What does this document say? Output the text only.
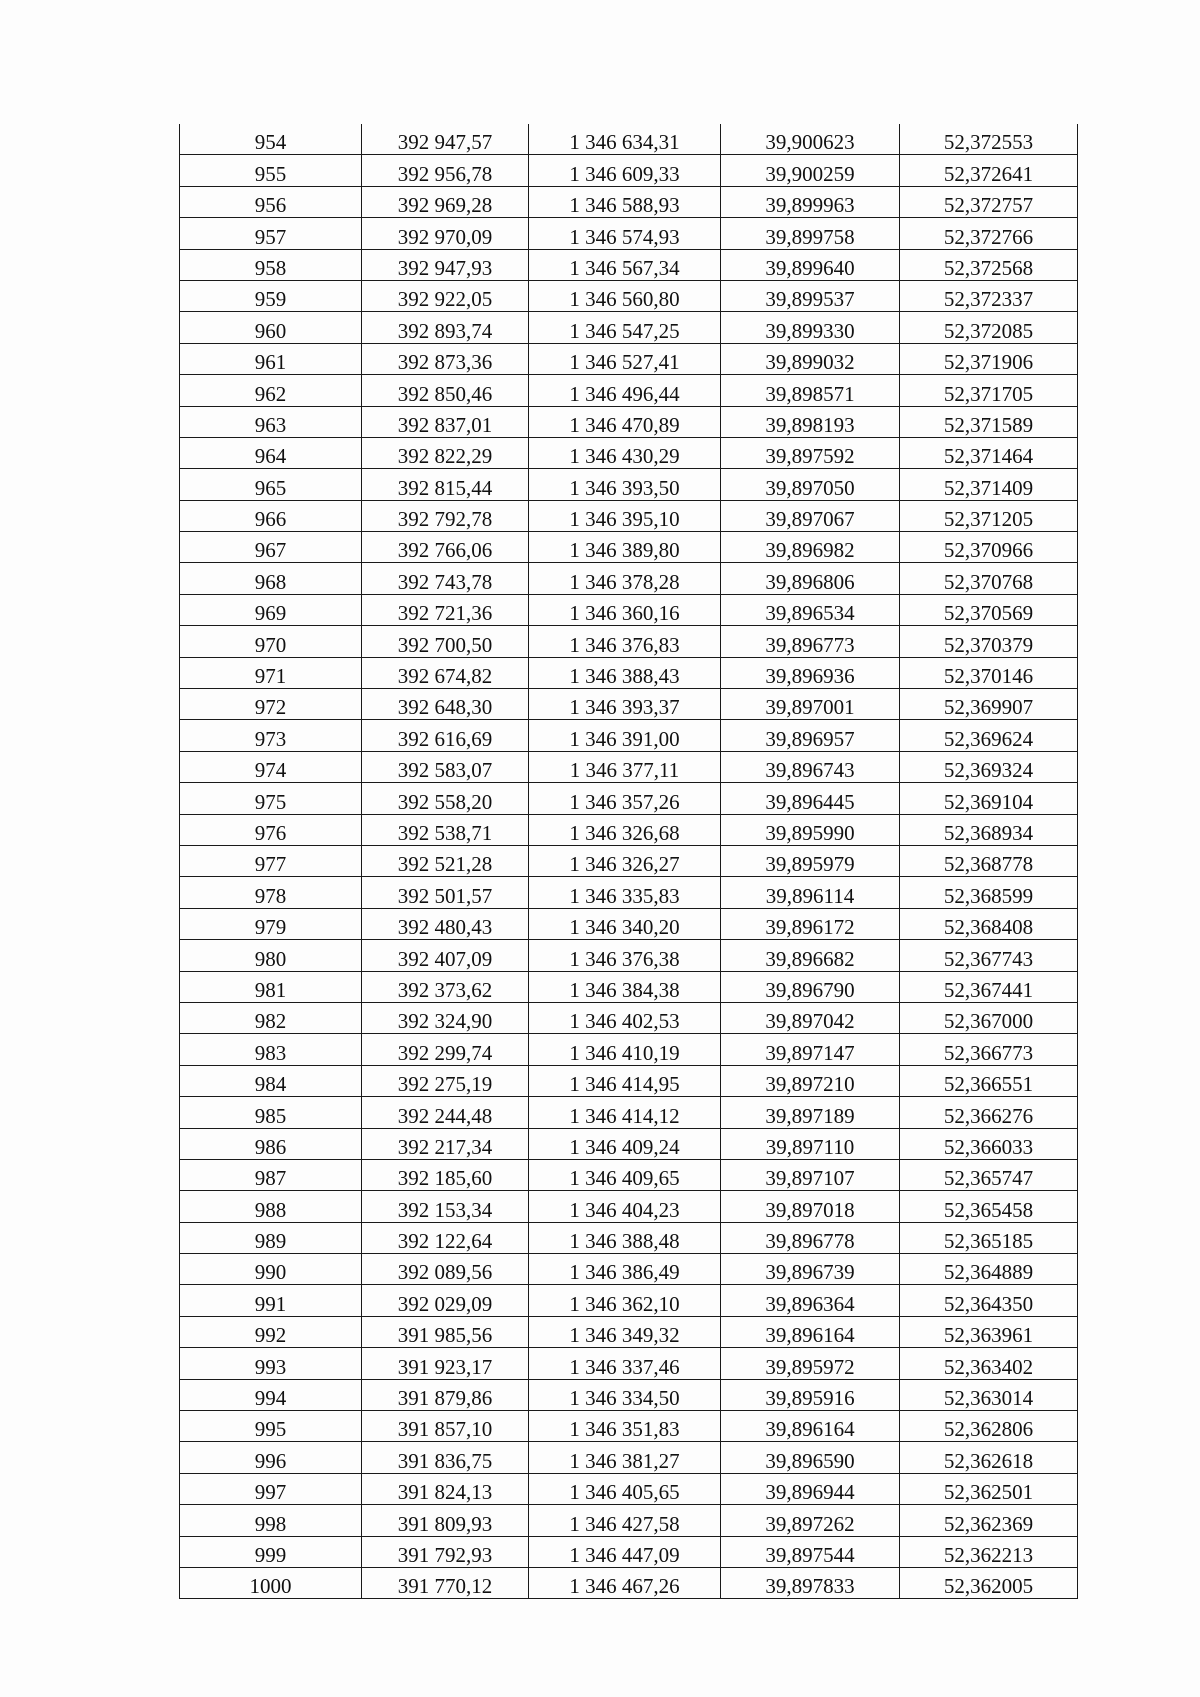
954	392 947,57	1 346 634,31	39,900623	52,372553
955	392 956,78	1 346 609,33	39,900259	52,372641
956	392 969,28	1 346 588,93	39,899963	52,372757
957	392 970,09	1 346 574,93	39,899758	52,372766
958	392 947,93	1 346 567,34	39,899640	52,372568
959	392 922,05	1 346 560,80	39,899537	52,372337
960	392 893,74	1 346 547,25	39,899330	52,372085
961	392 873,36	1 346 527,41	39,899032	52,371906
962	392 850,46	1 346 496,44	39,898571	52,371705
963	392 837,01	1 346 470,89	39,898193	52,371589
964	392 822,29	1 346 430,29	39,897592	52,371464
965	392 815,44	1 346 393,50	39,897050	52,371409
966	392 792,78	1 346 395,10	39,897067	52,371205
967	392 766,06	1 346 389,80	39,896982	52,370966
968	392 743,78	1 346 378,28	39,896806	52,370768
969	392 721,36	1 346 360,16	39,896534	52,370569
970	392 700,50	1 346 376,83	39,896773	52,370379
971	392 674,82	1 346 388,43	39,896936	52,370146
972	392 648,30	1 346 393,37	39,897001	52,369907
973	392 616,69	1 346 391,00	39,896957	52,369624
974	392 583,07	1 346 377,11	39,896743	52,369324
975	392 558,20	1 346 357,26	39,896445	52,369104
976	392 538,71	1 346 326,68	39,895990	52,368934
977	392 521,28	1 346 326,27	39,895979	52,368778
978	392 501,57	1 346 335,83	39,896114	52,368599
979	392 480,43	1 346 340,20	39,896172	52,368408
980	392 407,09	1 346 376,38	39,896682	52,367743
981	392 373,62	1 346 384,38	39,896790	52,367441
982	392 324,90	1 346 402,53	39,897042	52,367000
983	392 299,74	1 346 410,19	39,897147	52,366773
984	392 275,19	1 346 414,95	39,897210	52,366551
985	392 244,48	1 346 414,12	39,897189	52,366276
986	392 217,34	1 346 409,24	39,897110	52,366033
987	392 185,60	1 346 409,65	39,897107	52,365747
988	392 153,34	1 346 404,23	39,897018	52,365458
989	392 122,64	1 346 388,48	39,896778	52,365185
990	392 089,56	1 346 386,49	39,896739	52,364889
991	392 029,09	1 346 362,10	39,896364	52,364350
992	391 985,56	1 346 349,32	39,896164	52,363961
993	391 923,17	1 346 337,46	39,895972	52,363402
994	391 879,86	1 346 334,50	39,895916	52,363014
995	391 857,10	1 346 351,83	39,896164	52,362806
996	391 836,75	1 346 381,27	39,896590	52,362618
997	391 824,13	1 346 405,65	39,896944	52,362501
998	391 809,93	1 346 427,58	39,897262	52,362369
999	391 792,93	1 346 447,09	39,897544	52,362213
1000	391 770,12	1 346 467,26	39,897833	52,362005
